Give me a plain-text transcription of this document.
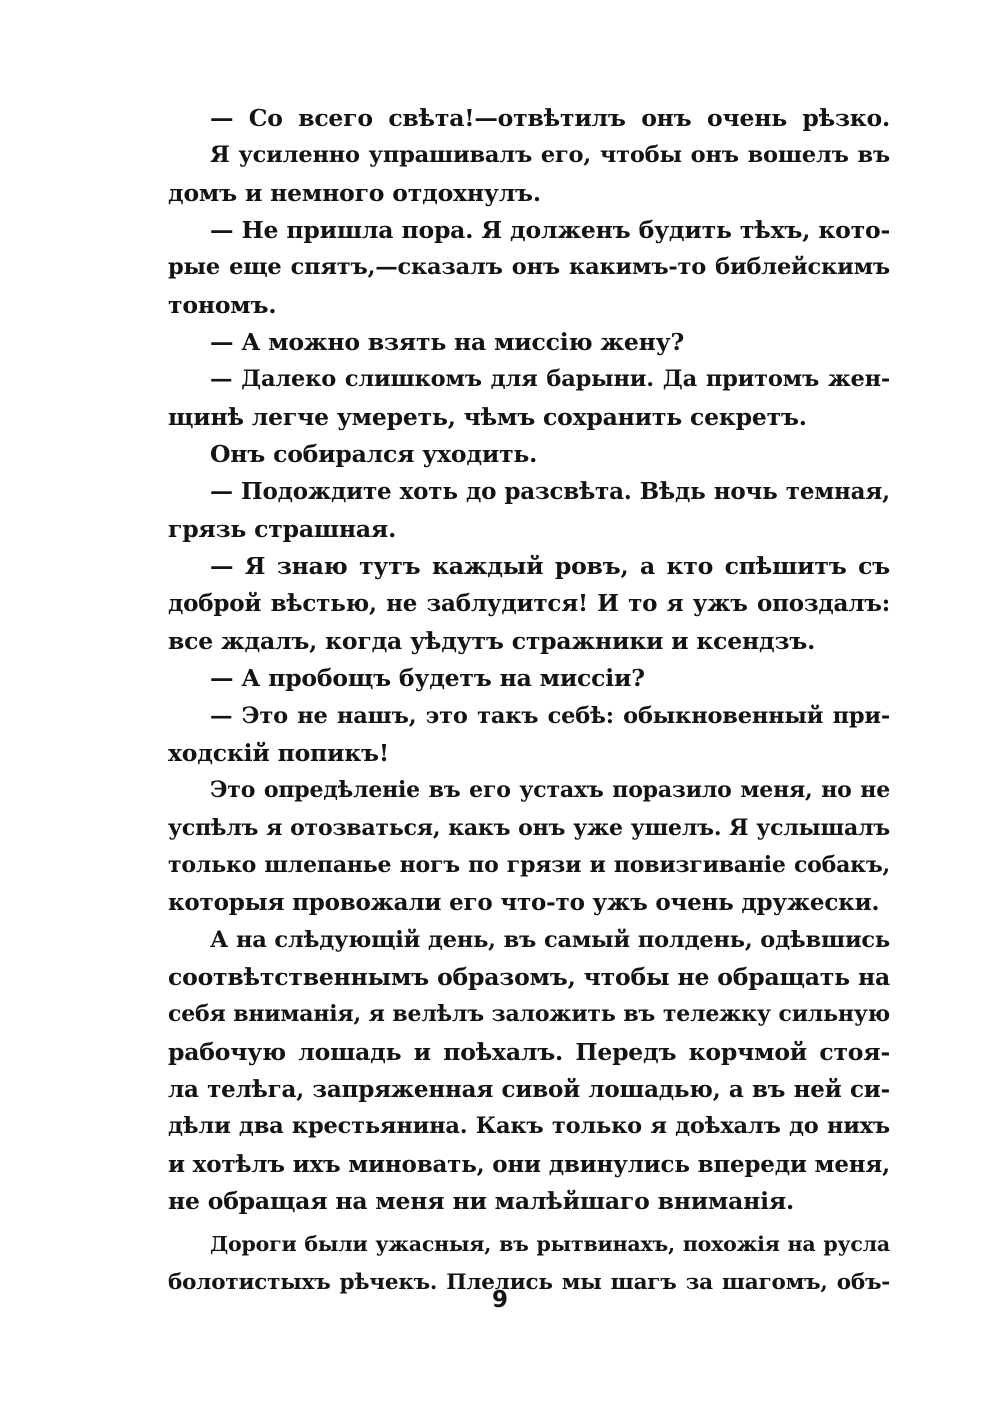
— Со всего свѣта!—отвѣтилъ онъ очень рѣзко.
Я усиленно упрашивалъ его, чтобы онъ вошелъ въ
домъ и немного отдохнулъ.
— Не пришла пора. Я долженъ будить тѣхъ, кото-
рые еще спятъ,—сказалъ онъ какимъ-то библейскимъ
тономъ.
— А можно взять на миссію жену?
— Далеко слишкомъ для барыни. Да притомъ жен-
щинѣ легче умереть, чѣмъ сохранить секретъ.
Онъ собирался уходить.
— Подождите хоть до разсвѣта. Вѣдь ночь темная,
грязь страшная.
— Я знаю тутъ каждый ровъ, а кто спѣшитъ съ
доброй вѣстью, не заблудится! И то я ужъ опоздалъ:
все ждалъ, когда уѣдутъ стражники и ксендзъ.
— А пробощъ будетъ на миссіи?
— Это не нашъ, это такъ себѣ: обыкновенный при-
ходскій попикъ!
Это опредѣленіе въ его устахъ поразило меня, но не
успѣлъ я отозваться, какъ онъ уже ушелъ. Я услышалъ
только шлепанье ногъ по грязи и повизгиваніе собакъ,
которыя провожали его что-то ужъ очень дружески.
А на слѣдующій день, въ самый полдень, одѣвшись
соотвѣтственнымъ образомъ, чтобы не обращать на
себя вниманія, я велѣлъ заложить въ тележку сильную
рабочую лошадь и поѣхалъ. Передъ корчмой стоя-
ла телѣга, запряженная сивой лошадью, а въ ней си-
дѣли два крестьянина. Какъ только я доѣхалъ до нихъ
и хотѣлъ ихъ миновать, они двинулись впереди меня,
не обращая на меня ни малѣйшаго вниманія.
Дороги были ужасныя, въ рытвинахъ, похожія на русла
болотистыхъ рѣчекъ. Плелись мы шагъ за шагомъ, объ-
9
